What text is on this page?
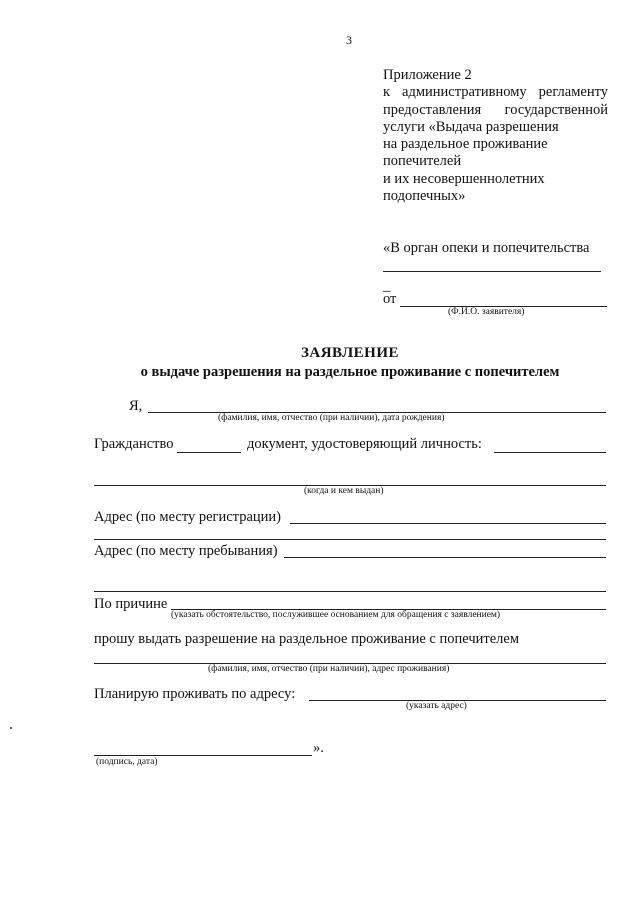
3
Приложение 2
к административному регламенту
предоставления государственной
услуги «Выдача разрешения
на раздельное проживание
попечителей
и их несовершеннолетних
подопечных»
«В орган опеки и попечительства
_
от
(Ф.И.О. заявителя)
ЗАЯВЛЕНИЕ
о выдаче разрешения на раздельное проживание с попечителем
Я,
(фамилия, имя, отчество (при наличии), дата рождения)
Гражданство	документ, удостоверяющий личность:
(когда и кем выдан)
Адрес (по месту регистрации)
Адрес (по месту пребывания)
По причине
(указать обстоятельство, послужившее основанием для обращения с заявлением)
прошу выдать разрешение на раздельное проживание с попечителем
(фамилия, имя, отчество (при наличии), адрес проживания)
Планирую проживать по адресу:
(указать адрес)
».
(подпись, дата)
